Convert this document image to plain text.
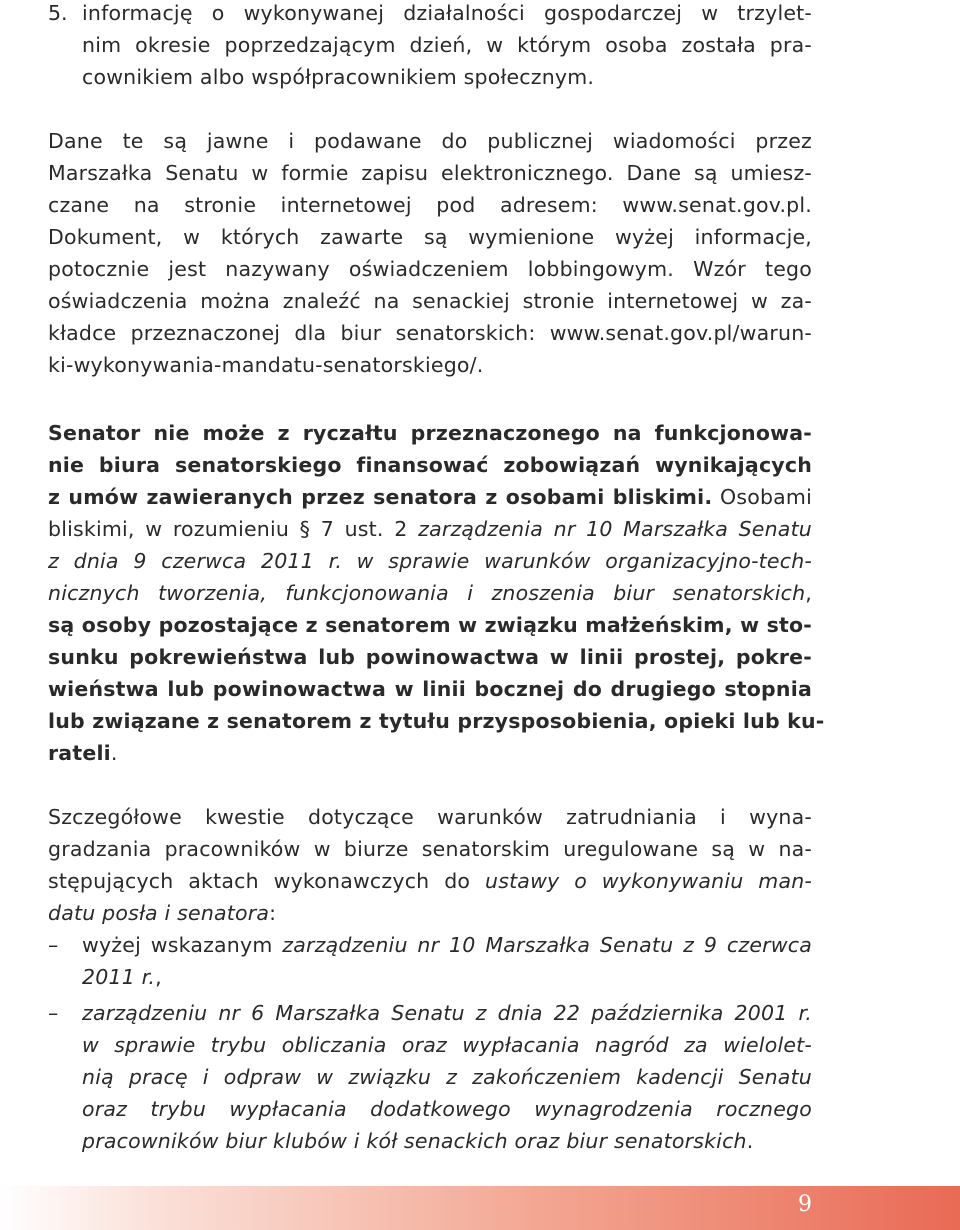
5. informację o wykonywanej działalności gospodarczej w trzylet-
nim okresie poprzedzającym dzień, w którym osoba została pra-
cownikiem albo współpracownikiem społecznym.
Dane te są jawne i podawane do publicznej wiadomości przez
Marszałka Senatu w formie zapisu elektronicznego. Dane są umiesz-
czane na stronie internetowej pod adresem: www.senat.gov.pl.
Dokument, w których zawarte są wymienione wyżej informacje,
potocznie jest nazywany oświadczeniem lobbingowym. Wzór tego
oświadczenia można znaleźć na senackiej stronie internetowej w za-
kładce przeznaczonej dla biur senatorskich: www.senat.gov.pl/warun-
ki-wykonywania-mandatu-senatorskiego/.
Senator nie może z ryczałtu przeznaczonego na funkcjonowa-
nie biura senatorskiego finansować zobowiązań wynikających
z umów zawieranych przez senatora z osobami bliskimi. Osobami
bliskimi, w rozumieniu § 7 ust. 2 zarządzenia nr 10 Marszałka Senatu
z dnia 9 czerwca 2011 r. w sprawie warunków organizacyjno-tech-
nicznych tworzenia, funkcjonowania i znoszenia biur senatorskich,
są osoby pozostające z senatorem w związku małżeńskim, w sto-
sunku pokrewieństwa lub powinowactwa w linii prostej, pokre-
wieństwa lub powinowactwa w linii bocznej do drugiego stopnia
lub związane z senatorem z tytułu przysposobienia, opieki lub ku-
rateli.
Szczegółowe kwestie dotyczące warunków zatrudniania i wyna-
gradzania pracowników w biurze senatorskim uregulowane są w na-
stępujących aktach wykonawczych do ustawy o wykonywaniu man-
datu posła i senatora:
–	wyżej wskazanym zarządzeniu nr 10 Marszałka Senatu z 9 czerwca
2011 r.,
–	zarządzeniu nr 6 Marszałka Senatu z dnia 22 października 2001 r.
w sprawie trybu obliczania oraz wypłacania nagród za wielolet-
nią pracę i odpraw w związku z zakończeniem kadencji Senatu
oraz trybu wypłacania dodatkowego wynagrodzenia rocznego
pracowników biur klubów i kół senackich oraz biur senatorskich.
9
